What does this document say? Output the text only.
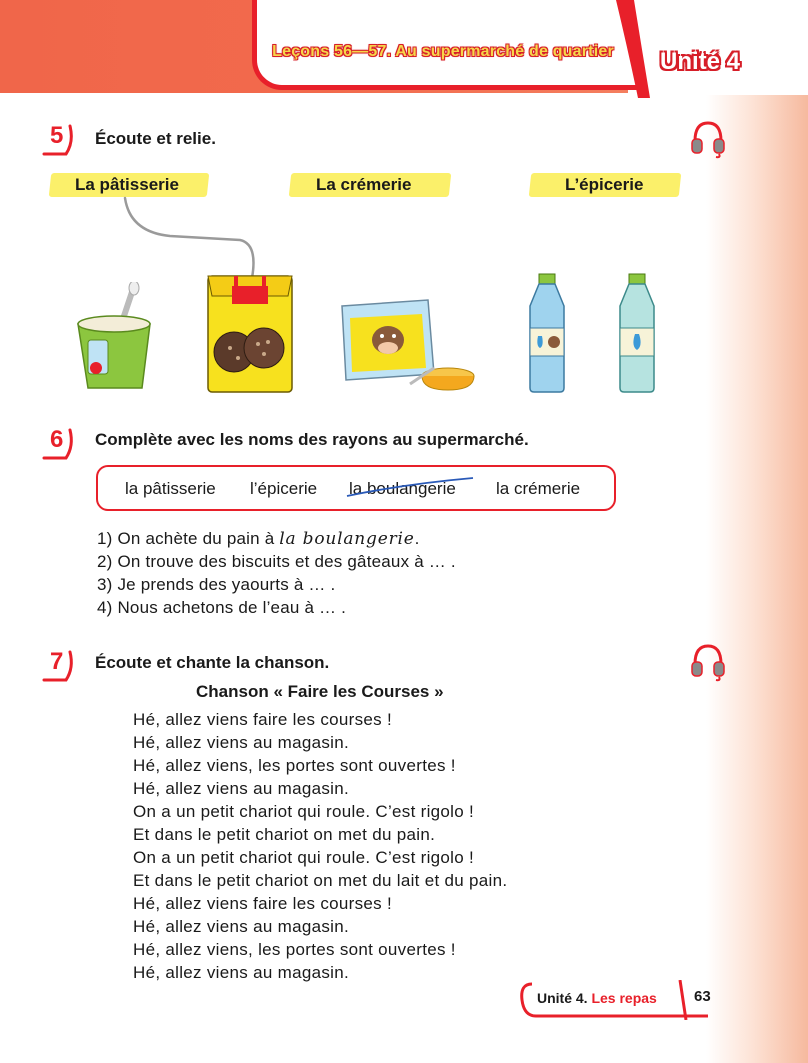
Leçons 56—57. Au supermarché de quartier Unité 4
5 Écoute et relie.
La pâtisserie	La crémerie	L’épicerie
6 Complète avec les noms des rayons au supermarché.
la pâtisserie l’épicerie la boulangerie la crémerie
1) On achète du pain à la boulangerie.
2) On trouve des biscuits et des gâteaux à … .
3) Je prends des yaourts à … .
4) Nous achetons de l’eau à … .
7 Écoute et chante la chanson.
Chanson « Faire les Courses »
Hé, allez viens faire les courses !
Hé, allez viens au magasin.
Hé, allez viens, les portes sont ouvertes !
Hé, allez viens au magasin.
On a un petit chariot qui roule. C’est rigolo !
Et dans le petit chariot on met du pain.
On a un petit chariot qui roule. C’est rigolo !
Et dans le petit chariot on met du lait et du pain.
Hé, allez viens faire les courses !
Hé, allez viens au magasin.
Hé, allez viens, les portes sont ouvertes !
Hé, allez viens au magasin.
Unité 4. Les repas 63
